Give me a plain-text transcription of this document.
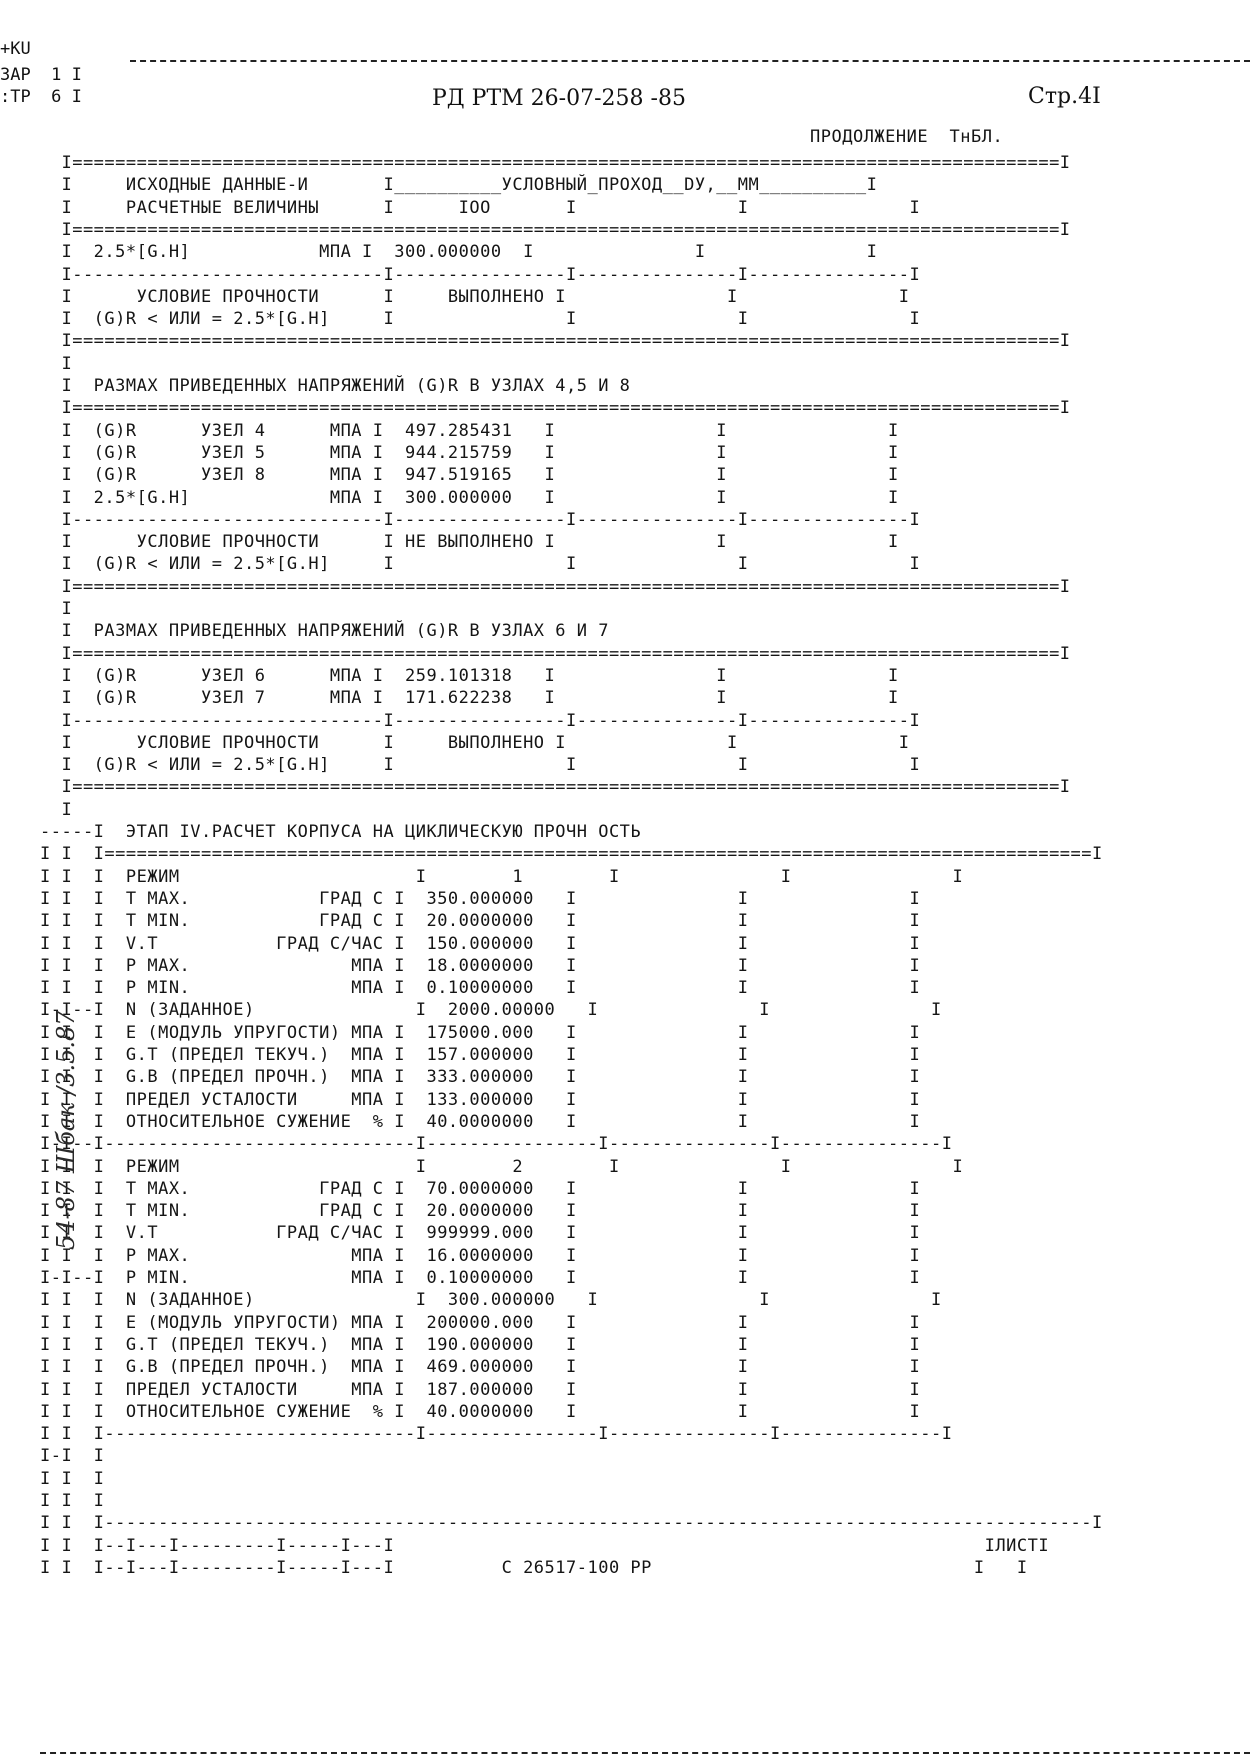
+КU
ЗАР  1 I
:ТР  6 I	РД РТМ 26-07-258 -85	Стр.4I
ПРОДОЛЖЕНИЕ  ТнБЛ.
I============================================================================================I
I     ИСХОДНЫЕ ДАННЫЕ-И       I__________УСЛОВНЫЙ_ПРОХОД__DУ,__ММ__________I
I     РАСЧЕТНЫЕ ВЕЛИЧИНЫ      I      IOO       I               I               I
I============================================================================================I
I  2.5*[G.H]            МПА I  300.000000  I               I               I
I-----------------------------I----------------I---------------I---------------I
I      УСЛОВИЕ ПРОЧНОСТИ      I     ВЫПОЛНЕНО I               I               I
I  (G)R < ИЛИ = 2.5*[G.H]     I                I               I               I
I============================================================================================I
I
I  РАЗМАХ ПРИВЕДЕННЫХ НАПРЯЖЕНИЙ (G)R В УЗЛАХ 4,5 И 8
I============================================================================================I
I  (G)R      УЗЕЛ 4      МПА I  497.285431   I               I               I
I  (G)R      УЗЕЛ 5      МПА I  944.215759   I               I               I
I  (G)R      УЗЕЛ 8      МПА I  947.519165   I               I               I
I  2.5*[G.H]             МПА I  300.000000   I               I               I
I-----------------------------I----------------I---------------I---------------I
I      УСЛОВИЕ ПРОЧНОСТИ      I НЕ ВЫПОЛНЕНО I               I               I
I  (G)R < ИЛИ = 2.5*[G.H]     I                I               I               I
I============================================================================================I
I
I  РАЗМАХ ПРИВЕДЕННЫХ НАПРЯЖЕНИЙ (G)R В УЗЛАХ 6 И 7
I============================================================================================I
I  (G)R      УЗЕЛ 6      МПА I  259.101318   I               I               I
I  (G)R      УЗЕЛ 7      МПА I  171.622238   I               I               I
I-----------------------------I----------------I---------------I---------------I
I      УСЛОВИЕ ПРОЧНОСТИ      I     ВЫПОЛНЕНО I               I               I
I  (G)R < ИЛИ = 2.5*[G.H]     I                I               I               I
I============================================================================================I
I
-----I  ЭТАП IV.РАСЧЕТ КОРПУСА НА ЦИКЛИЧЕСКУЮ ПРОЧН ОСТЬ
I I  I============================================================================================I
I I  I  РЕЖИМ                      I        1        I               I               I
I I  I  T MAX.            ГРАД С I  350.000000   I               I               I
I I  I  T MIN.            ГРАД С I  20.0000000   I               I               I
I I  I  V.T           ГРАД С/ЧАС I  150.000000   I               I               I
I I  I  P MAX.               МПА I  18.0000000   I               I               I
I I  I  P MIN.               МПА I  0.10000000   I               I               I
I-I--I  N (ЗАДАННОЕ)               I  2000.00000   I               I               I
I I  I  E (МОДУЛЬ УПРУГОСТИ) МПА I  175000.000   I               I               I
I I  I  G.T (ПРЕДЕЛ ТЕКУЧ.)  МПА I  157.000000   I               I               I
I I  I  G.B (ПРЕДЕЛ ПРОЧН.)  МПА I  333.000000   I               I               I
I I  I  ПРЕДЕЛ УСТАЛОСТИ     МПА I  133.000000   I               I               I
I I  I  ОТНОСИТЕЛЬНОЕ СУЖЕНИЕ  % I  40.0000000   I               I               I
I-I--I-----------------------------I----------------I---------------I---------------I
I I  I  РЕЖИМ                      I        2        I               I               I
I I  I  T MAX.            ГРАД С I  70.0000000   I               I               I
I I  I  T MIN.            ГРАД С I  20.0000000   I               I               I
I I  I  V.T           ГРАД С/ЧАС I  999999.000   I               I               I
I I  I  P MAX.               МПА I  16.0000000   I               I               I
I-I--I  P MIN.               МПА I  0.10000000   I               I               I
I I  I  N (ЗАДАННОЕ)               I  300.000000   I               I               I
I I  I  E (МОДУЛЬ УПРУГОСТИ) МПА I  200000.000   I               I               I
I I  I  G.T (ПРЕДЕЛ ТЕКУЧ.)  МПА I  190.000000   I               I               I
I I  I  G.B (ПРЕДЕЛ ПРОЧН.)  МПА I  469.000000   I               I               I
I I  I  ПРЕДЕЛ УСТАЛОСТИ     МПА I  187.000000   I               I               I
I I  I  ОТНОСИТЕЛЬНОЕ СУЖЕНИЕ  % I  40.0000000   I               I               I
I I  I-----------------------------I----------------I---------------I---------------I
I-I  I
I I  I
I I  I
I I  I--------------------------------------------------------------------------------------------I
I I  I--I---I---------I-----I---I                                                       IЛИСТI
I I  I--I---I---------I-----I---I          С 26517-100 РР                              I   I
54-87 Шбак /3.5.87
